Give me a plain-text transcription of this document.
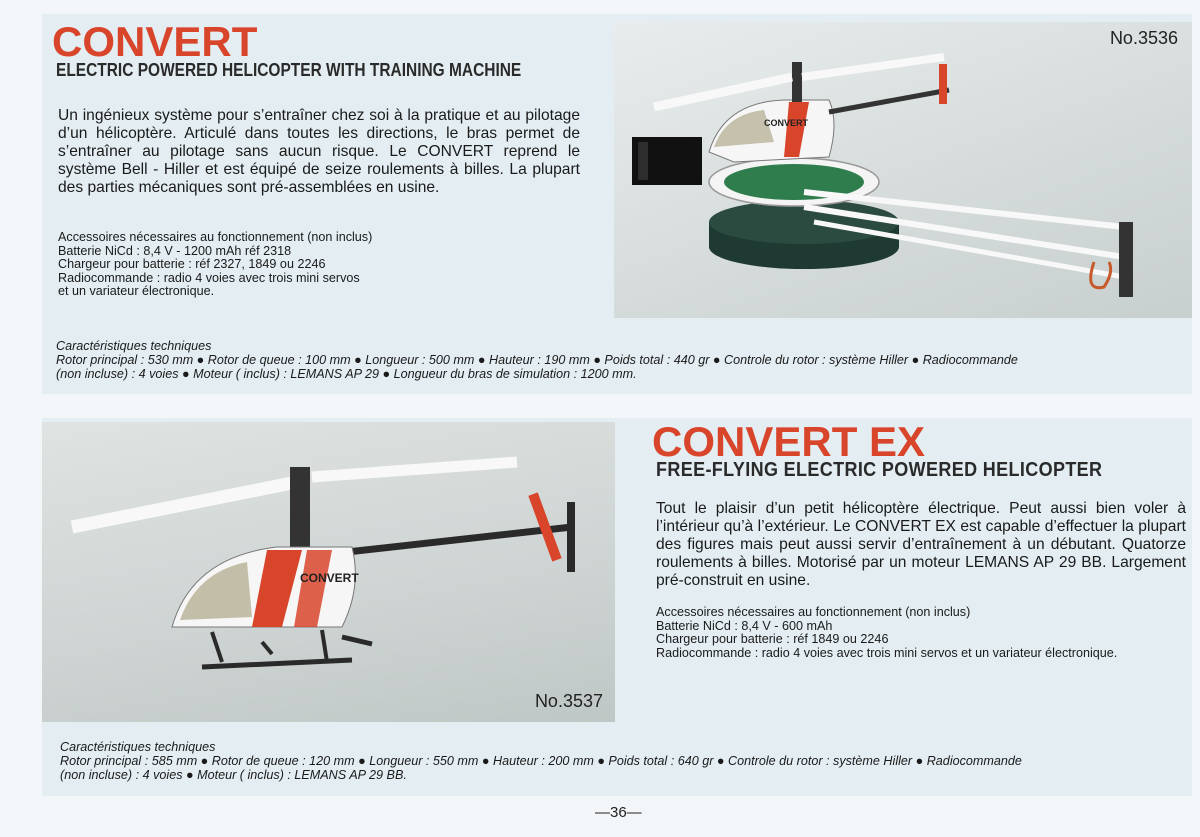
CONVERT
ELECTRIC POWERED HELICOPTER WITH TRAINING MACHINE

Un ingénieux système pour s’entraîner chez soi à la pratique et au pilotage d’un hélicoptère. Articulé dans toutes les directions, le bras permet de s’entraîner au pilotage sans aucun risque. Le CONVERT reprend le système Bell - Hiller et est équipé de seize roulements à billes. La plupart des parties mécaniques sont pré-assemblées en usine.

Accessoires nécessaires au fonctionnement (non inclus)
Batterie NiCd : 8,4 V - 1200 mAh réf 2318
Chargeur pour batterie : réf 2327, 1849 ou 2246
Radiocommande : radio 4 voies avec trois mini servos
et un variateur électronique.
CONVERT
No.3536
Caractéristiques techniques
Rotor principal : 530 mm ● Rotor de queue : 100 mm ● Longueur : 500 mm ● Hauteur : 190 mm ● Poids total : 440 gr ● Controle du rotor : système Hiller ● Radiocommande
(non incluse) : 4 voies ● Moteur ( inclus) : LEMANS AP 29 ● Longueur du bras de simulation : 1200 mm.
CONVERT
No.3537
CONVERT EX
FREE-FLYING ELECTRIC POWERED HELICOPTER

Tout le plaisir d’un petit hélicoptère électrique. Peut aussi bien voler à l’intérieur qu’à l’extérieur. Le CONVERT EX est capable d’effectuer la plupart des figures mais peut aussi servir d’entraînement à un débutant. Quatorze roulements à billes. Motorisé par un moteur LEMANS AP 29 BB. Largement pré-construit en usine.

Accessoires nécessaires au fonctionnement (non inclus)
Batterie NiCd : 8,4 V - 600 mAh
Chargeur pour batterie : réf 1849 ou 2246
Radiocommande : radio 4 voies avec trois mini servos et un variateur électronique.
Caractéristiques techniques
Rotor principal : 585 mm ● Rotor de queue : 120 mm ● Longueur : 550 mm ● Hauteur : 200 mm ● Poids total : 640 gr ● Controle du rotor : système Hiller ● Radiocommande
(non incluse) : 4 voies ● Moteur ( inclus) : LEMANS AP 29 BB.
—36—
